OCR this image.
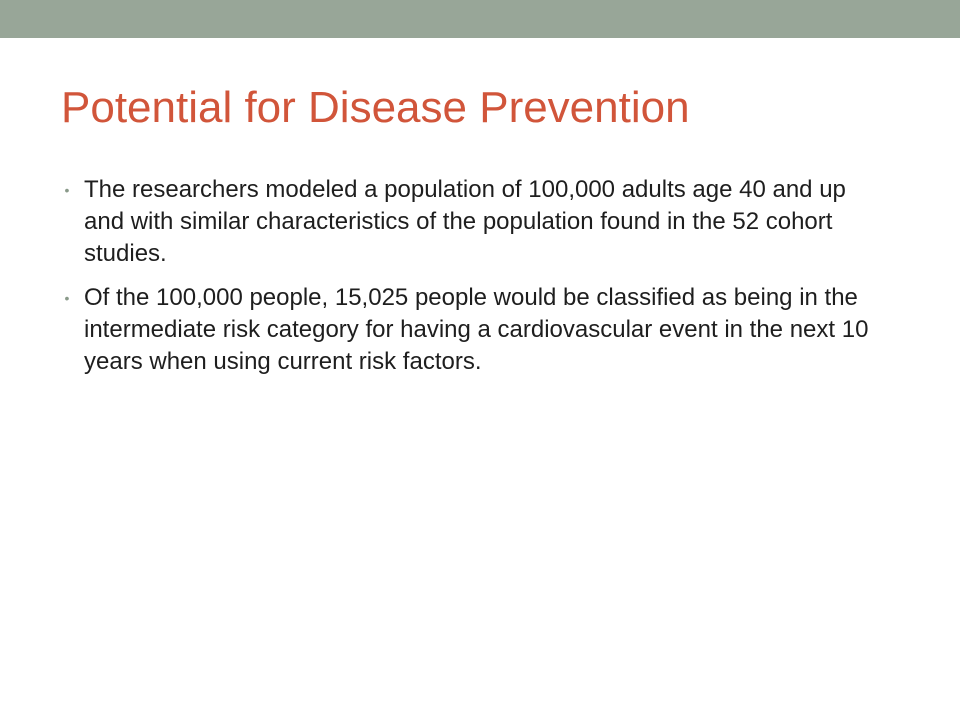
Potential for Disease Prevention
• The researchers modeled a population of 100,000 adults age 40 and up and with similar characteristics of the population found in the 52 cohort studies.
• Of the 100,000 people, 15,025 people would be classified as being in the intermediate risk category for having a cardiovascular event in the next 10 years when using current risk factors.
